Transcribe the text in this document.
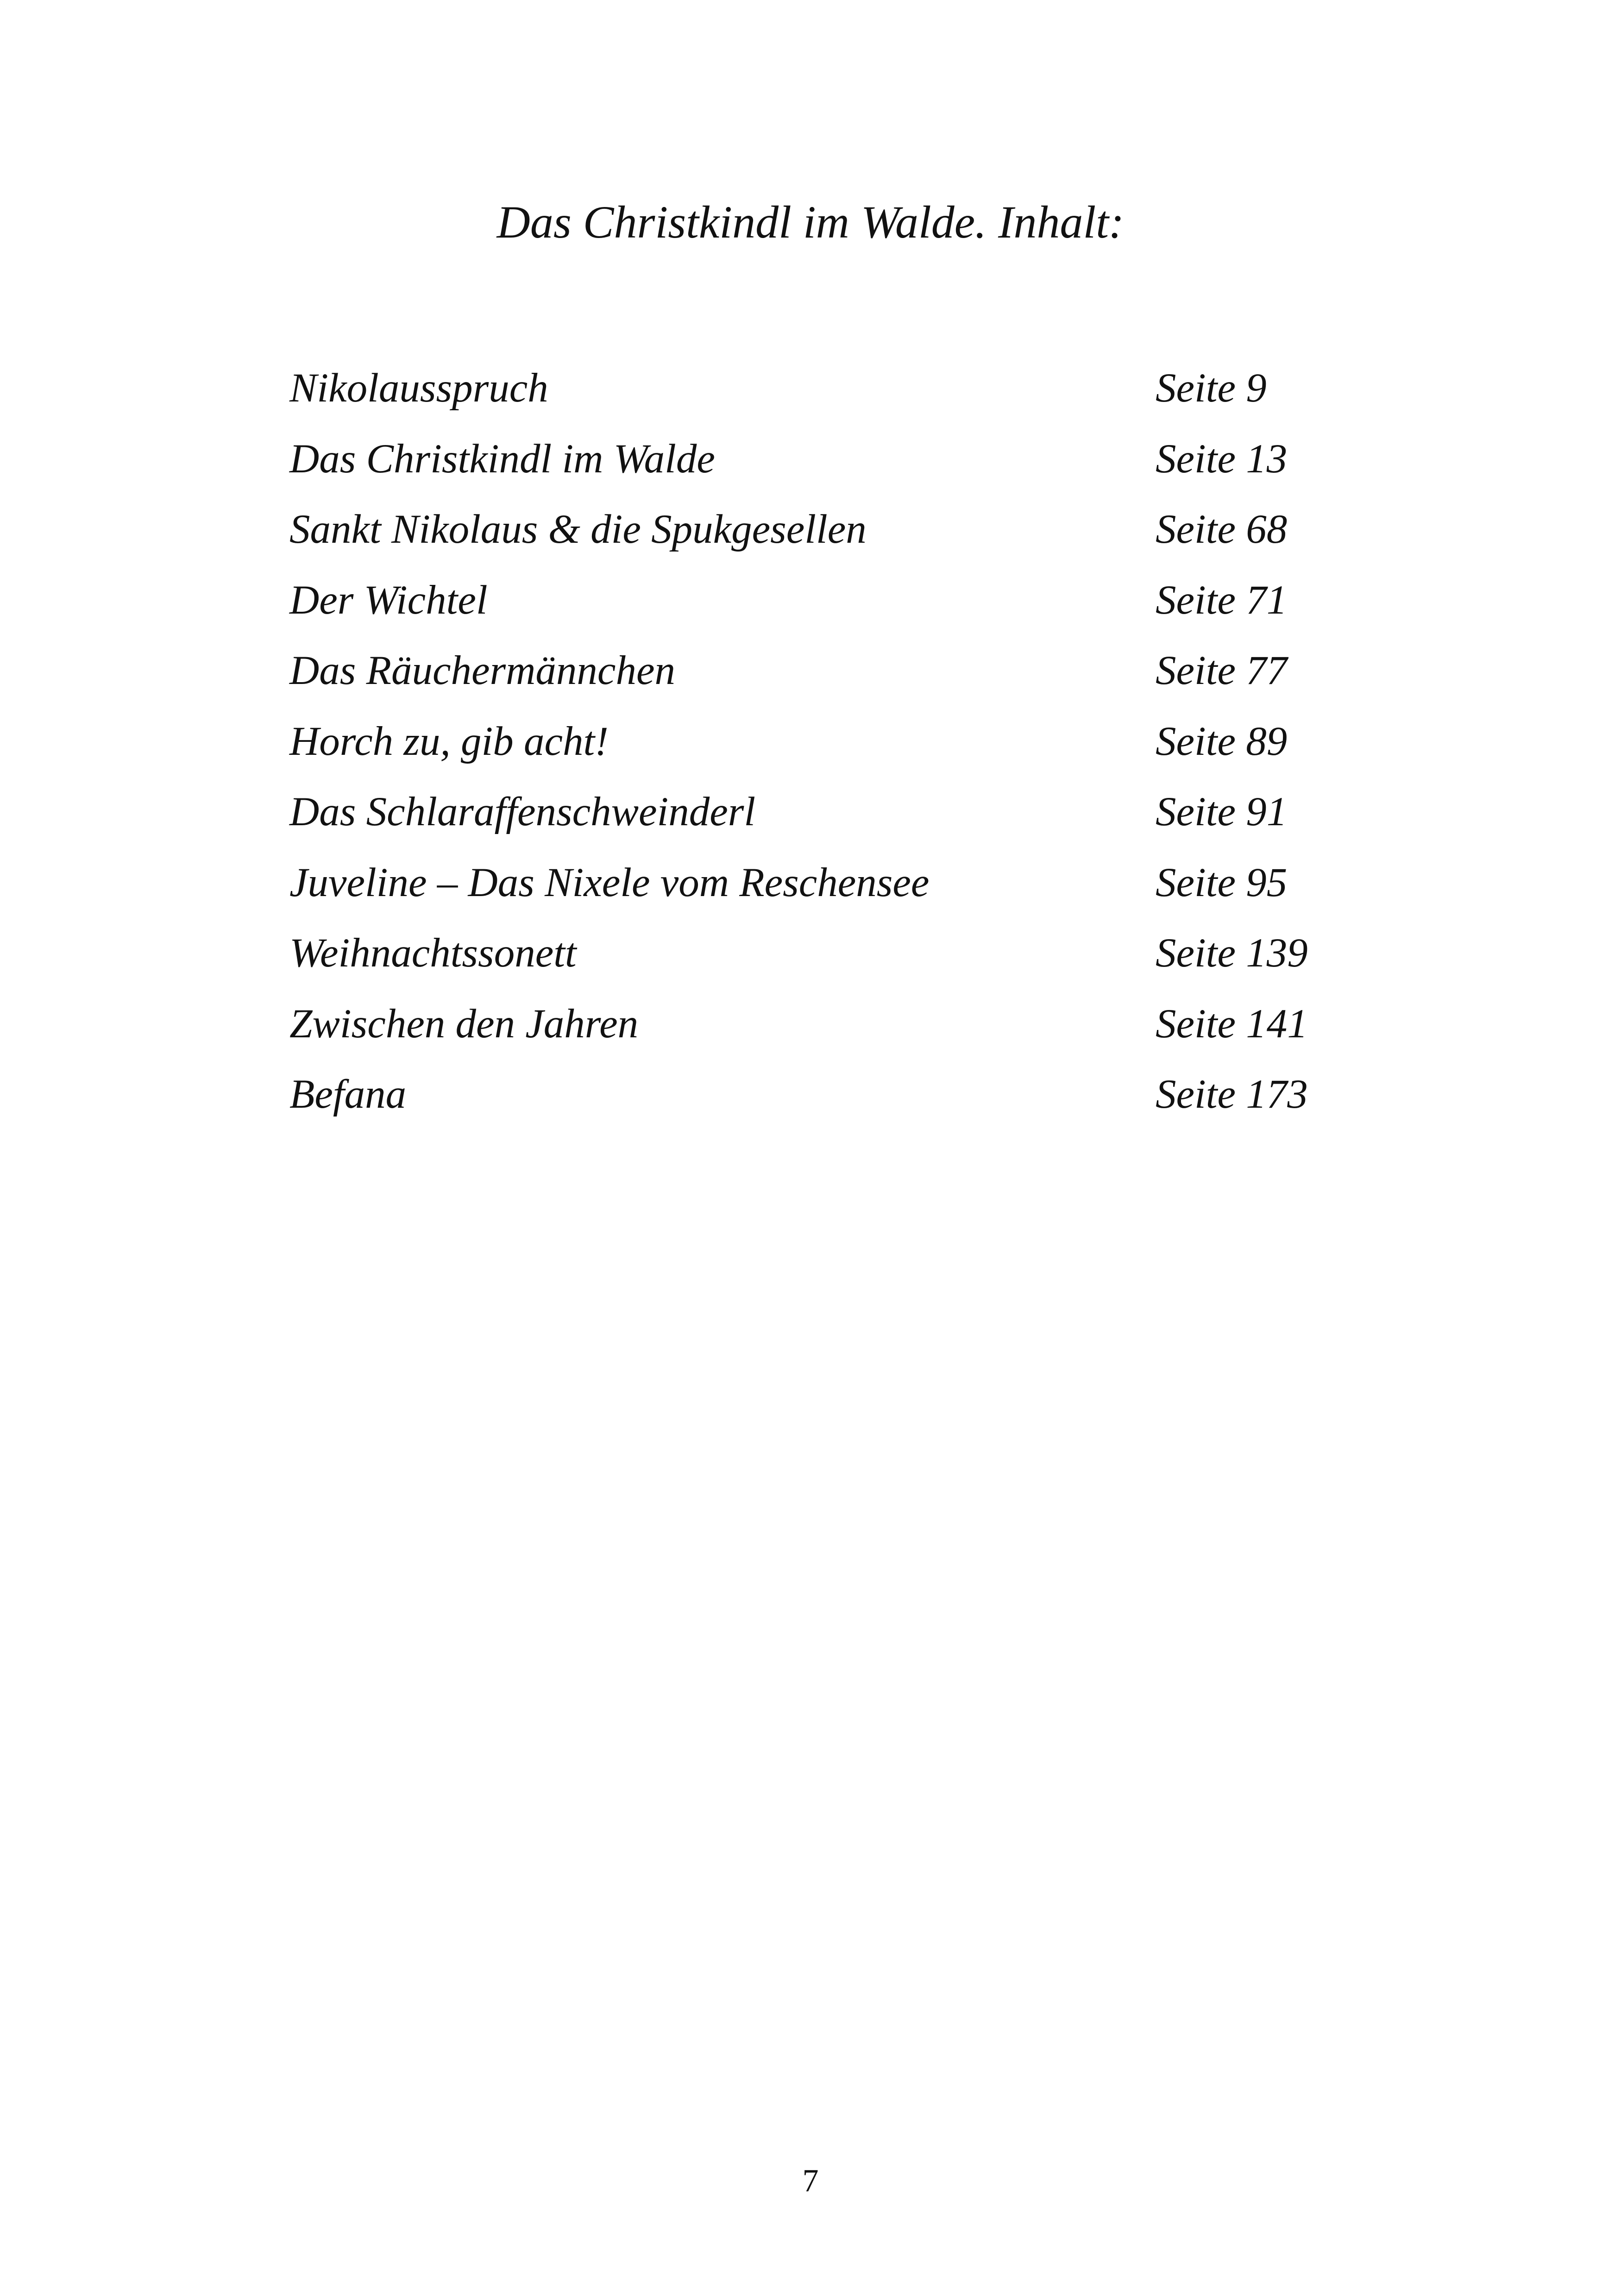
Das Christkindl im Walde. Inhalt:
Nikolausspruch	Seite 9
Das Christkindl im Walde	Seite 13
Sankt Nikolaus & die Spukgesellen	Seite 68
Der Wichtel	Seite 71
Das Räuchermännchen	Seite 77
Horch zu, gib acht!	Seite 89
Das Schlaraffenschweinderl	Seite 91
Juveline – Das Nixele vom Reschensee	Seite 95
Weihnachtssonett	Seite 139
Zwischen den Jahren	Seite 141
Befana	Seite 173
7
